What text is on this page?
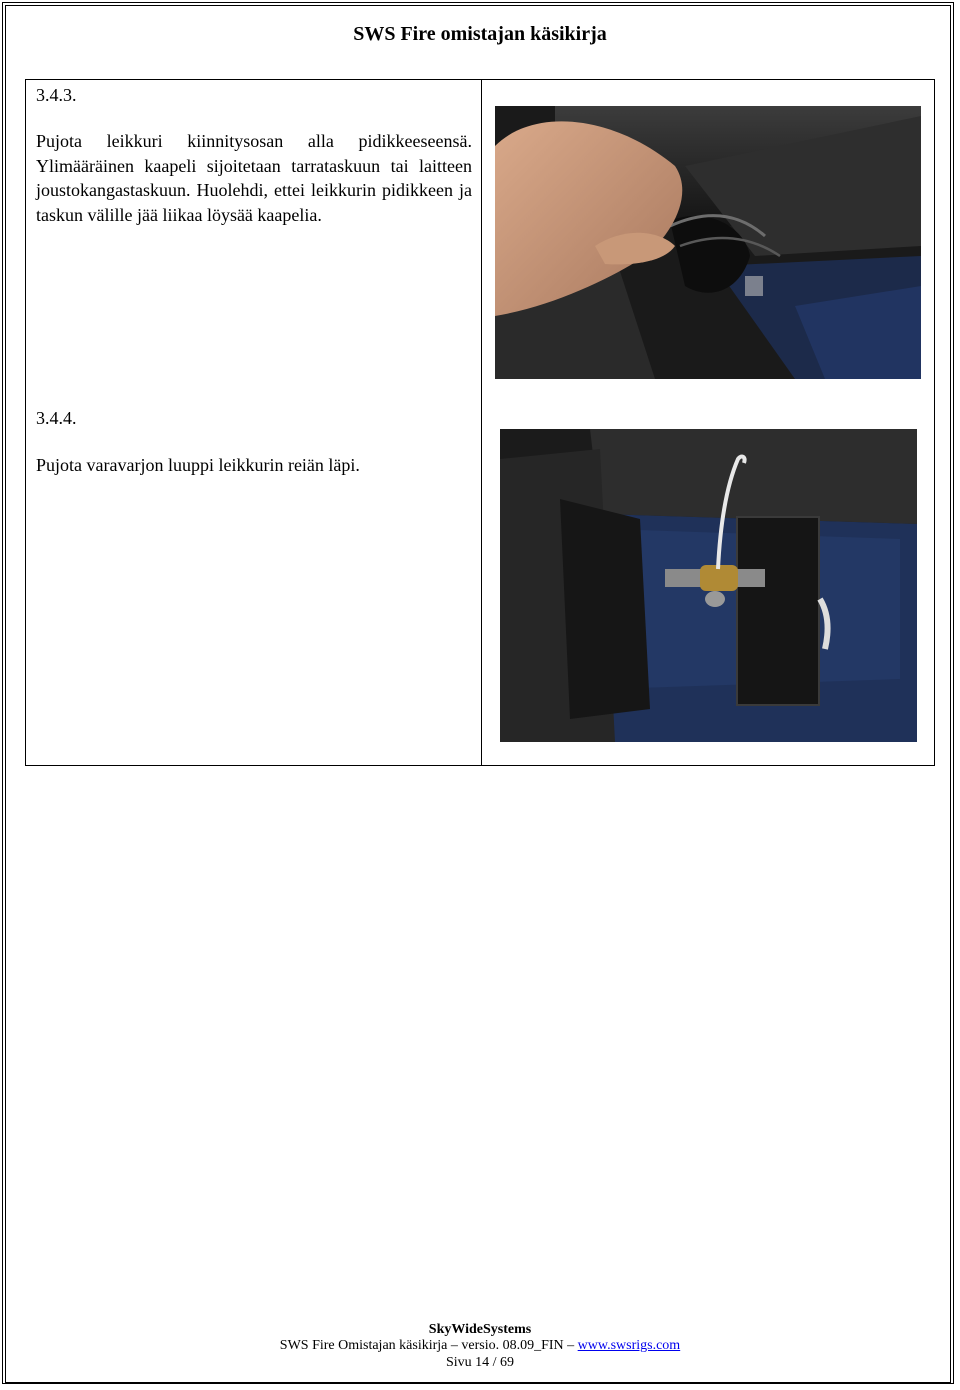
SWS Fire omistajan käsikirja
3.4.3.
Pujota leikkuri kiinnitysosan alla pidikkeeseensä. Ylimääräinen kaapeli sijoitetaan tarrataskuun tai laitteen joustokangastaskuun. Huolehdi, ettei leikkurin pidikkeen ja taskun välille jää liikaa löysää kaapelia.
3.4.4.
Pujota varavarjon luuppi leikkurin reiän läpi.
SkyWideSystems
SWS Fire Omistajan käsikirja – versio. 08.09_FIN – www.swsrigs.com
Sivu 14 / 69
